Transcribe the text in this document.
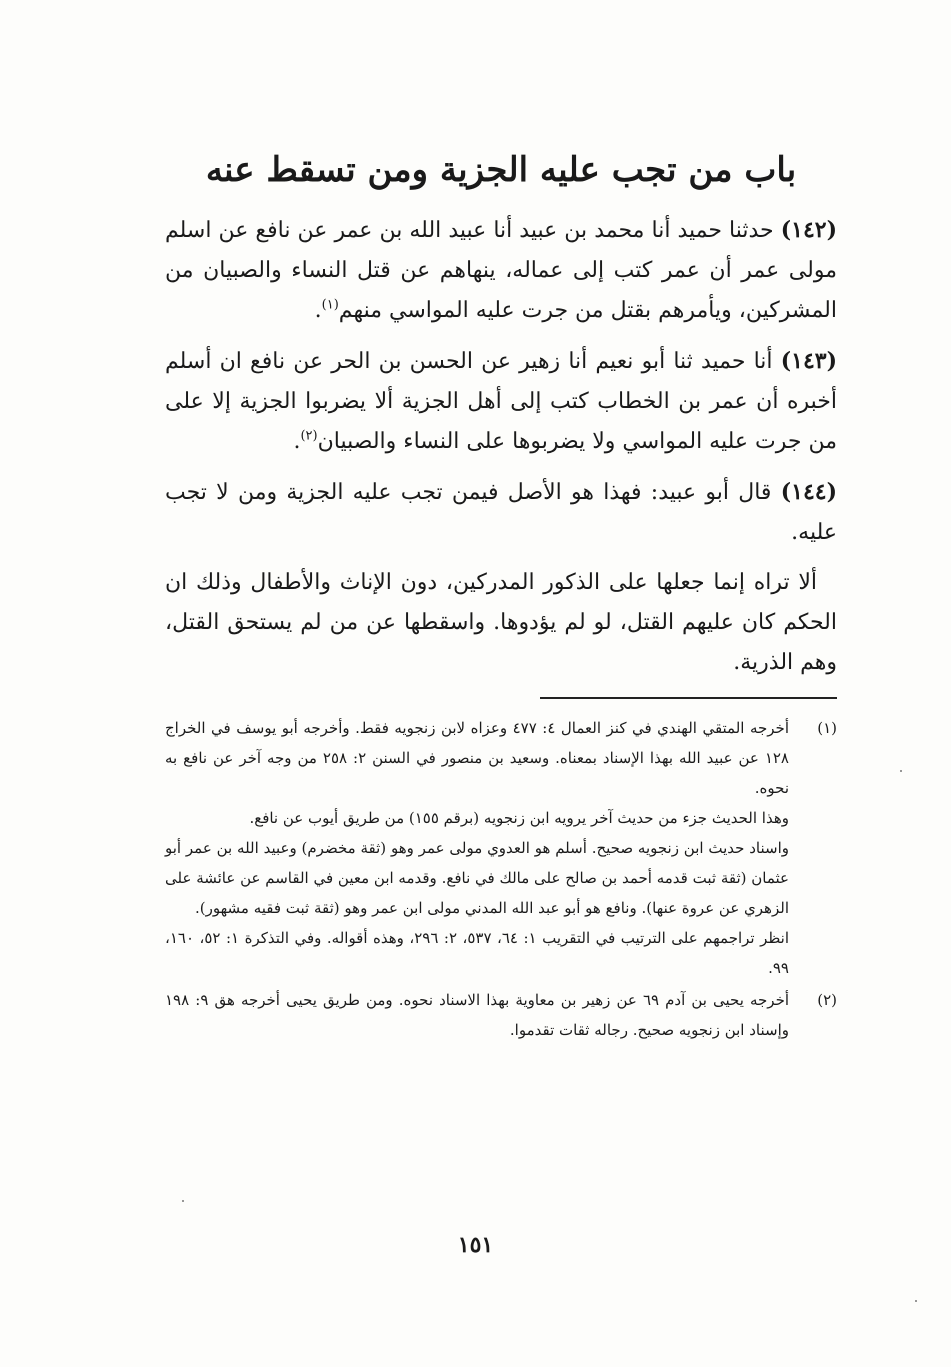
باب من تجب عليه الجزية ومن تسقط عنه

(١٤٢) حدثنا حميد أنا محمد بن عبيد أنا عبيد الله بن عمر عن نافع عن اسلم مولى عمر أن عمر كتب إلى عماله، ينهاهم عن قتل النساء والصبيان من المشركين، ويأمرهم بقتل من جرت عليه المواسي منهم$^{(١)}$.

(١٤٣) أنا حميد ثنا أبو نعيم أنا زهير عن الحسن بن الحر عن نافع ان أسلم أخبره أن عمر بن الخطاب كتب إلى أهل الجزية ألا يضربوا الجزية إلا على من جرت عليه المواسي ولا يضربوها على النساء والصبيان$^{(٢)}$.

(١٤٤) قال أبو عبيد: فهذا هو الأصل فيمن تجب عليه الجزية ومن لا تجب عليه.

ألا تراه إنما جعلها على الذكور المدركين، دون الإناث والأطفال وذلك ان الحكم كان عليهم القتل، لو لم يؤدوها. واسقطها عن من لم يستحق القتل، وهم الذرية.

(١)

أخرجه المتقي الهندي في كنز العمال ٤: ٤٧٧ وعزاه لابن زنجويه فقط. وأخرجه أبو يوسف في الخراج ١٢٨ عن عبيد الله بهذا الإسناد بمعناه. وسعيد بن منصور في السنن ٢: ٢٥٨ من وجه آخر عن نافع به نحوه.

وهذا الحديث جزء من حديث آخر يرويه ابن زنجويه (برقم ١٥٥) من طريق أيوب عن نافع.

واسناد حديث ابن زنجويه صحيح. أسلم هو العدوي مولى عمر وهو (ثقة مخضرم) وعبيد الله بن عمر أبو عثمان (ثقة ثبت قدمه أحمد بن صالح على مالك في نافع. وقدمه ابن معين في القاسم عن عائشة على الزهري عن عروة عنها). ونافع هو أبو عبد الله المدني مولى ابن عمر وهو (ثقة ثبت فقيه مشهور).

انظر تراجمهم على الترتيب في التقريب ١: ٦٤، ٥٣٧، ٢: ٢٩٦، وهذه أقواله. وفي التذكرة ١: ٥٢، ١٦٠، ٩٩.

(٢)

أخرجه يحيى بن آدم ٦٩ عن زهير بن معاوية بهذا الاسناد نحوه. ومن طريق يحيى أخرجه هق ٩: ١٩٨ وإسناد ابن زنجويه صحيح. رجاله ثقات تقدموا.

١٥١
